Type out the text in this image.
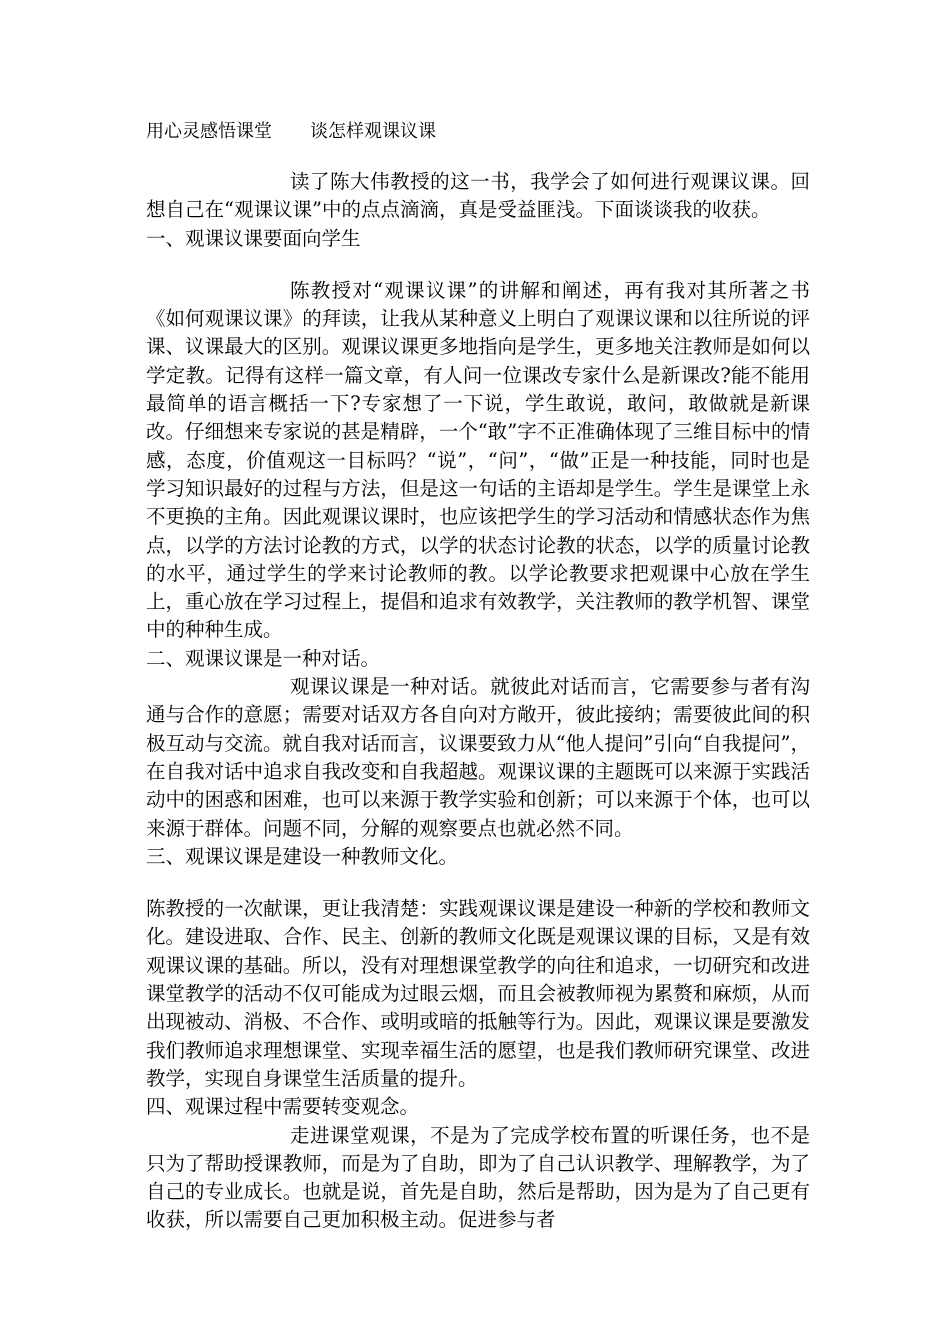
用心灵感悟课堂 谈怎样观课议课

读了陈大伟教授的这一书，我学会了如何进行观课议课。回想自己在“观课议课”中的点点滴滴，真是受益匪浅。下面谈谈我的收获。

一、观课议课要面向学生

陈教授对“观课议课”的讲解和阐述，再有我对其所著之书《如何观课议课》的拜读，让我从某种意义上明白了观课议课和以往所说的评课、议课最大的区别。观课议课更多地指向是学生，更多地关注教师是如何以学定教。记得有这样一篇文章，有人问一位课改专家什么是新课改?能不能用最简单的语言概括一下?专家想了一下说，学生敢说，敢问，敢做就是新课改。仔细想来专家说的甚是精辟，一个“敢”字不正准确体现了三维目标中的情感，态度，价值观这一目标吗？“说”，“问”，“做”正是一种技能，同时也是学习知识最好的过程与方法，但是这一句话的主语却是学生。学生是课堂上永不更换的主角。因此观课议课时，也应该把学生的学习活动和情感状态作为焦点，以学的方法讨论教的方式，以学的状态讨论教的状态，以学的质量讨论教的水平，通过学生的学来讨论教师的教。以学论教要求把观课中心放在学生上，重心放在学习过程上，提倡和追求有效教学，关注教师的教学机智、课堂中的种种生成。

二、观课议课是一种对话。

观课议课是一种对话。就彼此对话而言，它需要参与者有沟通与合作的意愿；需要对话双方各自向对方敞开，彼此接纳；需要彼此间的积极互动与交流。就自我对话而言，议课要致力从“他人提问”引向“自我提问”，在自我对话中追求自我改变和自我超越。观课议课的主题既可以来源于实践活动中的困惑和困难，也可以来源于教学实验和创新；可以来源于个体，也可以来源于群体。问题不同，分解的观察要点也就必然不同。

三、观课议课是建设一种教师文化。

陈教授的一次献课，更让我清楚：实践观课议课是建设一种新的学校和教师文化。建设进取、合作、民主、创新的教师文化既是观课议课的目标，又是有效观课议课的基础。所以，没有对理想课堂教学的向往和追求，一切研究和改进课堂教学的活动不仅可能成为过眼云烟，而且会被教师视为累赘和麻烦，从而出现被动、消极、不合作、或明或暗的抵触等行为。因此，观课议课是要激发我们教师追求理想课堂、实现幸福生活的愿望，也是我们教师研究课堂、改进教学，实现自身课堂生活质量的提升。

四、观课过程中需要转变观念。

走进课堂观课，不是为了完成学校布置的听课任务，也不是只为了帮助授课教师，而是为了自助，即为了自己认识教学、理解教学，为了自己的专业成长。也就是说，首先是自助，然后是帮助，因为是为了自己更有收获，所以需要自己更加积极主动。促进参与者
